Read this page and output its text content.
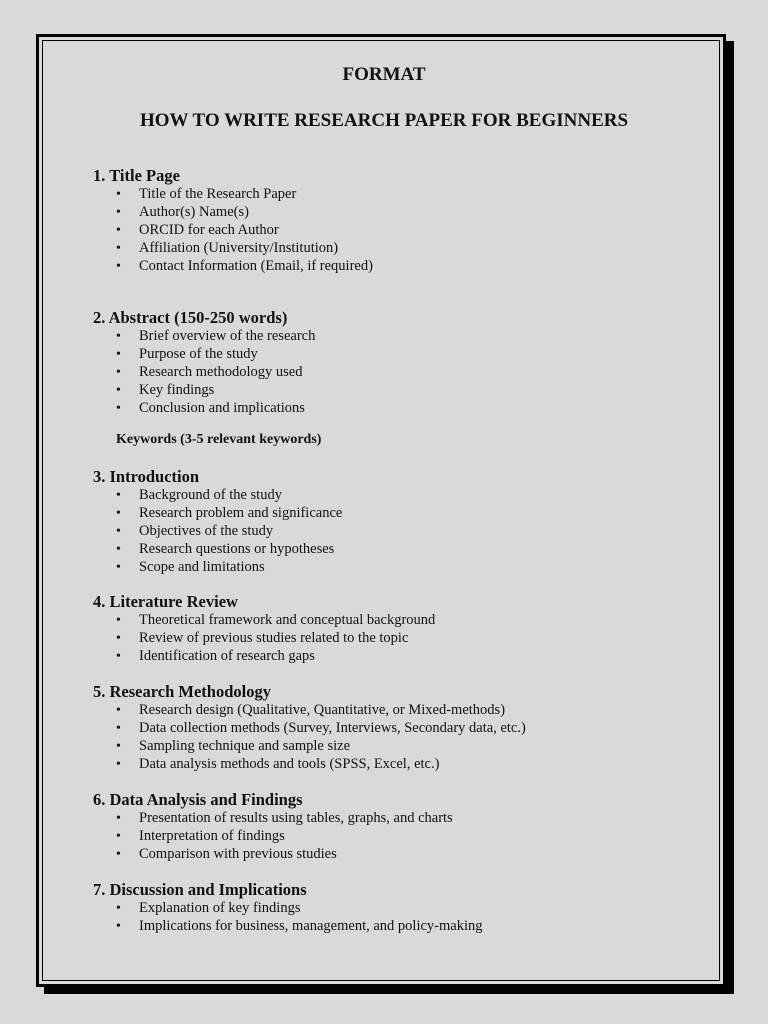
FORMAT
HOW TO WRITE RESEARCH PAPER FOR BEGINNERS
1. Title Page
• Title of the Research Paper
• Author(s) Name(s)
• ORCID for each Author
• Affiliation (University/Institution)
• Contact Information (Email, if required)
2. Abstract (150-250 words)
• Brief overview of the research
• Purpose of the study
• Research methodology used
• Key findings
• Conclusion and implications
Keywords (3-5 relevant keywords)
3. Introduction
• Background of the study
• Research problem and significance
• Objectives of the study
• Research questions or hypotheses
• Scope and limitations
4. Literature Review
• Theoretical framework and conceptual background
• Review of previous studies related to the topic
• Identification of research gaps
5. Research Methodology
• Research design (Qualitative, Quantitative, or Mixed-methods)
• Data collection methods (Survey, Interviews, Secondary data, etc.)
• Sampling technique and sample size
• Data analysis methods and tools (SPSS, Excel, etc.)
6. Data Analysis and Findings
• Presentation of results using tables, graphs, and charts
• Interpretation of findings
• Comparison with previous studies
7. Discussion and Implications
• Explanation of key findings
• Implications for business, management, and policy-making
